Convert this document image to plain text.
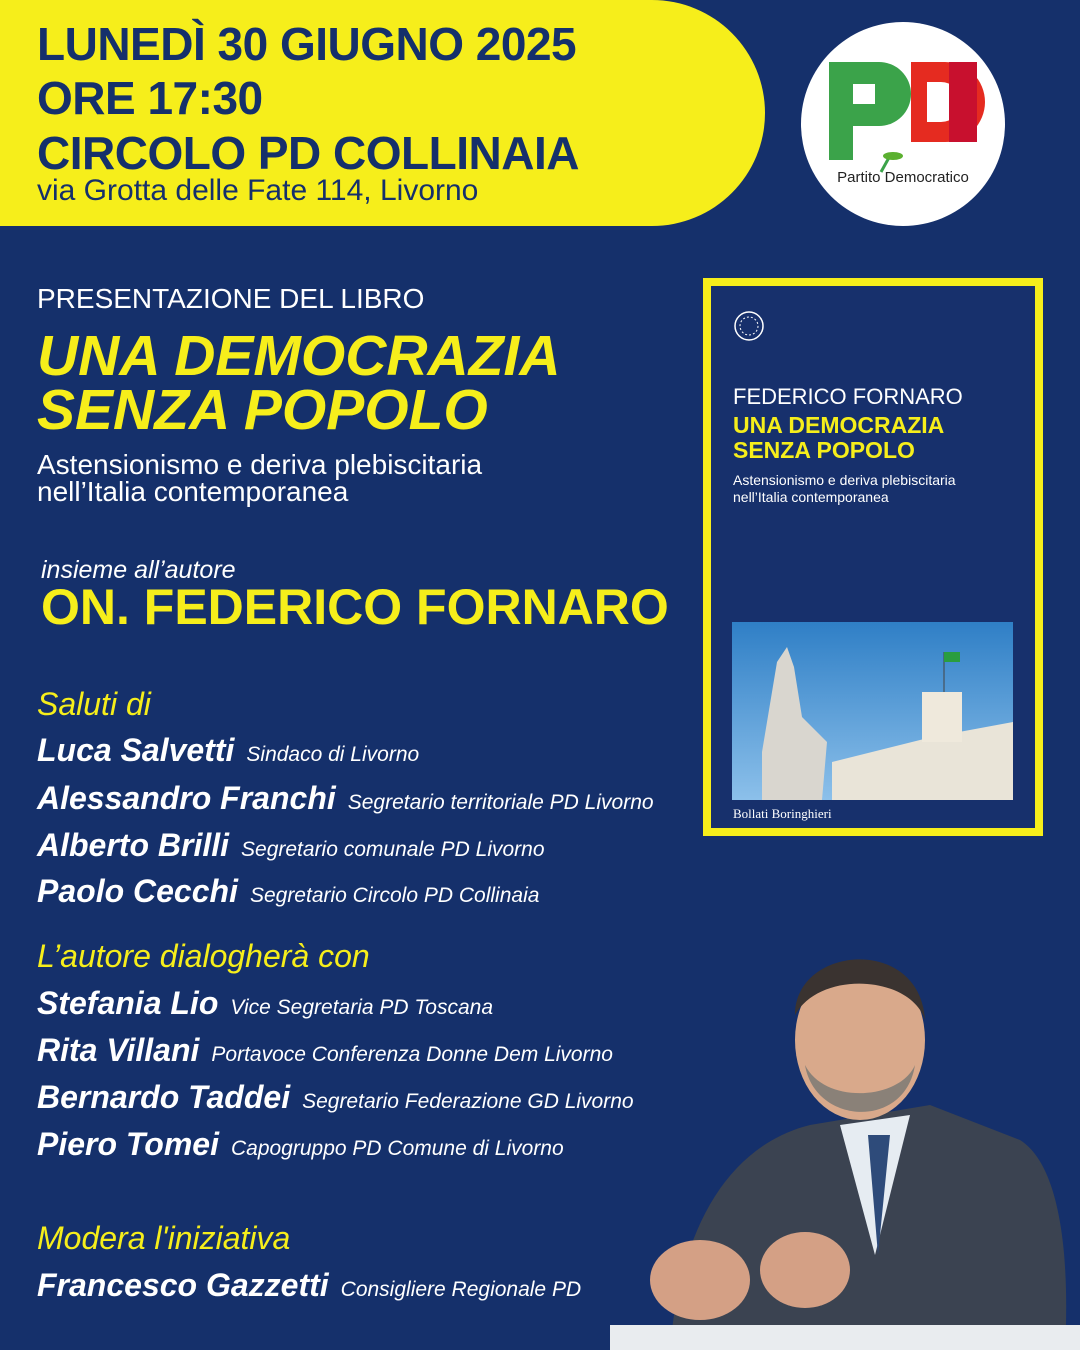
LUNEDÌ 30 GIUGNO 2025
ORE 17:30
CIRCOLO PD COLLINAIA
via Grotta delle Fate 114, Livorno	Partito Democratico
PRESENTAZIONE DEL LIBRO
UNA DEMOCRAZIA
SENZA POPOLO
Astensionismo e deriva plebiscitaria
nell’Italia contemporanea
insieme all’autore
ON. FEDERICO FORNARO
Saluti di
Luca Salvetti Sindaco di Livorno
Alessandro Franchi Segretario territoriale PD Livorno
Alberto Brilli Segretario comunale PD Livorno
Paolo Cecchi Segretario Circolo PD Collinaia
L’autore dialogherà con
Stefania Lio Vice Segretaria PD Toscana
Rita Villani Portavoce Conferenza Donne Dem Livorno
Bernardo Taddei Segretario Federazione GD Livorno
Piero Tomei Capogruppo PD Comune di Livorno
Modera l'iniziativa
Francesco Gazzetti Consigliere Regionale PD
FEDERICO FORNARO
UNA DEMOCRAZIA
SENZA POPOLO
Astensionismo e deriva plebiscitaria
nell’Italia contemporanea
Bollati Boringhieri
